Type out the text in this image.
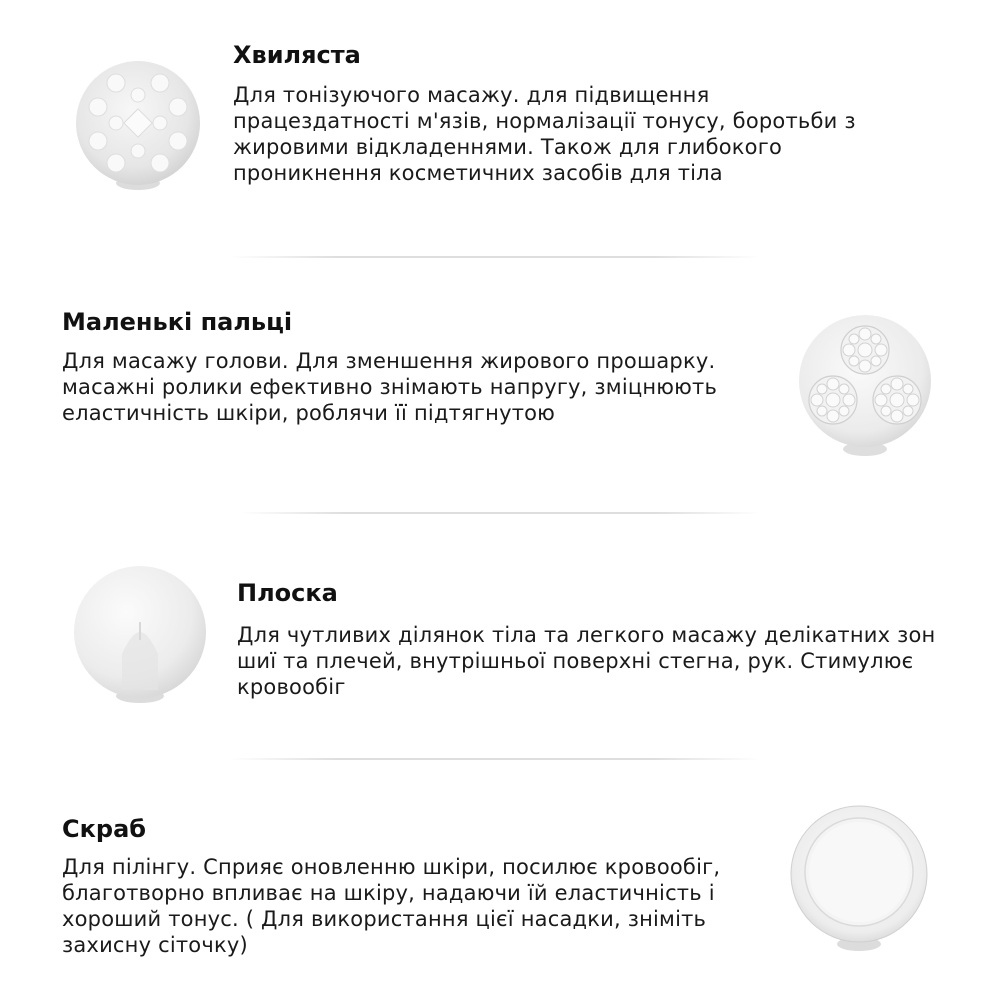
Хвиляста
Для тонізуючого масажу. для підвищення працездатності м'язів, нормалізації тонусу, боротьби з жировими відкладеннями. Також для глибокого проникнення косметичних засобів для тіла
Маленькі пальці
Для масажу голови. Для зменшення жирового прошарку. масажні ролики ефективно знімають напругу, зміцнюють еластичність шкіри, роблячи її підтягнутою
Плоска
Для чутливих ділянок тіла та легкого масажу делікатних зон шиї та плечей, внутрішньої поверхні стегна, рук. Стимулює кровообіг
Скраб
Для пілінгу. Сприяє оновленню шкіри, посилює кровообіг, благотворно впливає на шкіру, надаючи їй еластичність і хороший тонус. ( Для використання цієї насадки, зніміть захисну сіточку)
